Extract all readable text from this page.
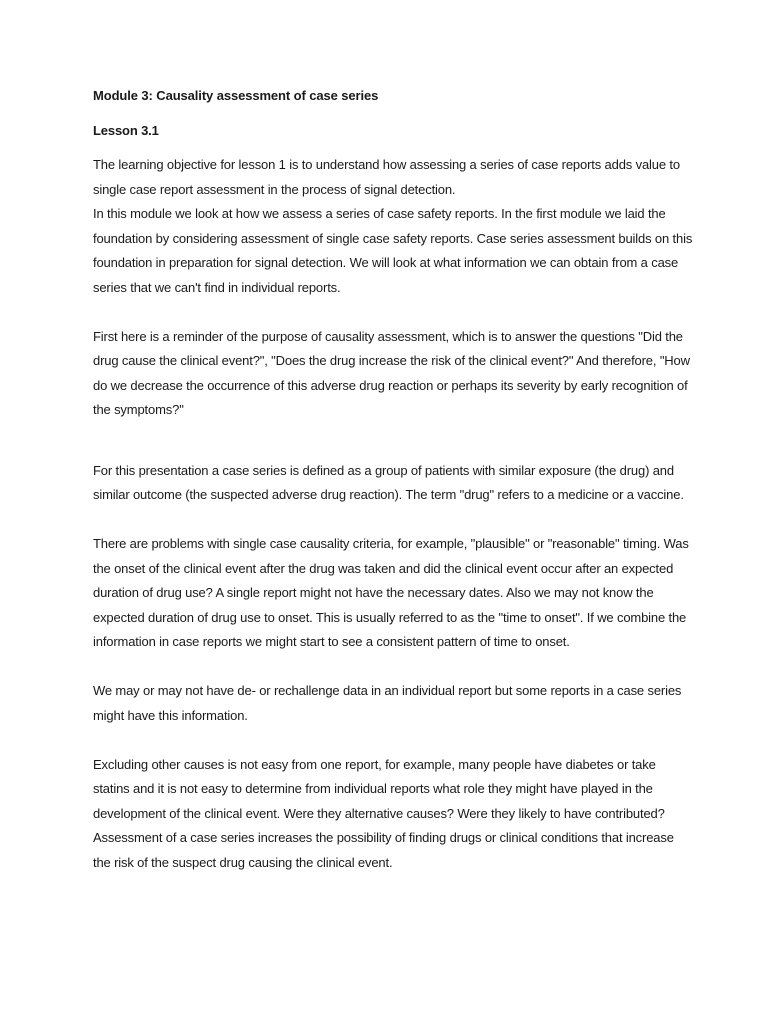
Module 3: Causality assessment of case series

Lesson 3.1

The learning objective for lesson 1 is to understand how assessing a series of case reports adds value to single case report assessment in the process of signal detection.

In this module we look at how we assess a series of case safety reports. In the first module we laid the foundation by considering assessment of single case safety reports. Case series assessment builds on this foundation in preparation for signal detection. We will look at what information we can obtain from a case series that we can't find in individual reports.

First here is a reminder of the purpose of causality assessment, which is to answer the questions "Did the drug cause the clinical event?", "Does the drug increase the risk of the clinical event?" And therefore, "How do we decrease the occurrence of this adverse drug reaction or perhaps its severity by early recognition of the symptoms?"

For this presentation a case series is defined as a group of patients with similar exposure (the drug) and similar outcome (the suspected adverse drug reaction). The term "drug" refers to a medicine or a vaccine.

There are problems with single case causality criteria, for example, "plausible" or "reasonable" timing. Was the onset of the clinical event after the drug was taken and did the clinical event occur after an expected duration of drug use? A single report might not have the necessary dates. Also we may not know the expected duration of drug use to onset. This is usually referred to as the "time to onset". If we combine the information in case reports we might start to see a consistent pattern of time to onset.

We may or may not have de- or rechallenge data in an individual report but some reports in a case series might have this information.

Excluding other causes is not easy from one report, for example, many people have diabetes or take statins and it is not easy to determine from individual reports what role they might have played in the development of the clinical event. Were they alternative causes? Were they likely to have contributed? Assessment of a case series increases the possibility of finding drugs or clinical conditions that increase the risk of the suspect drug causing the clinical event.
